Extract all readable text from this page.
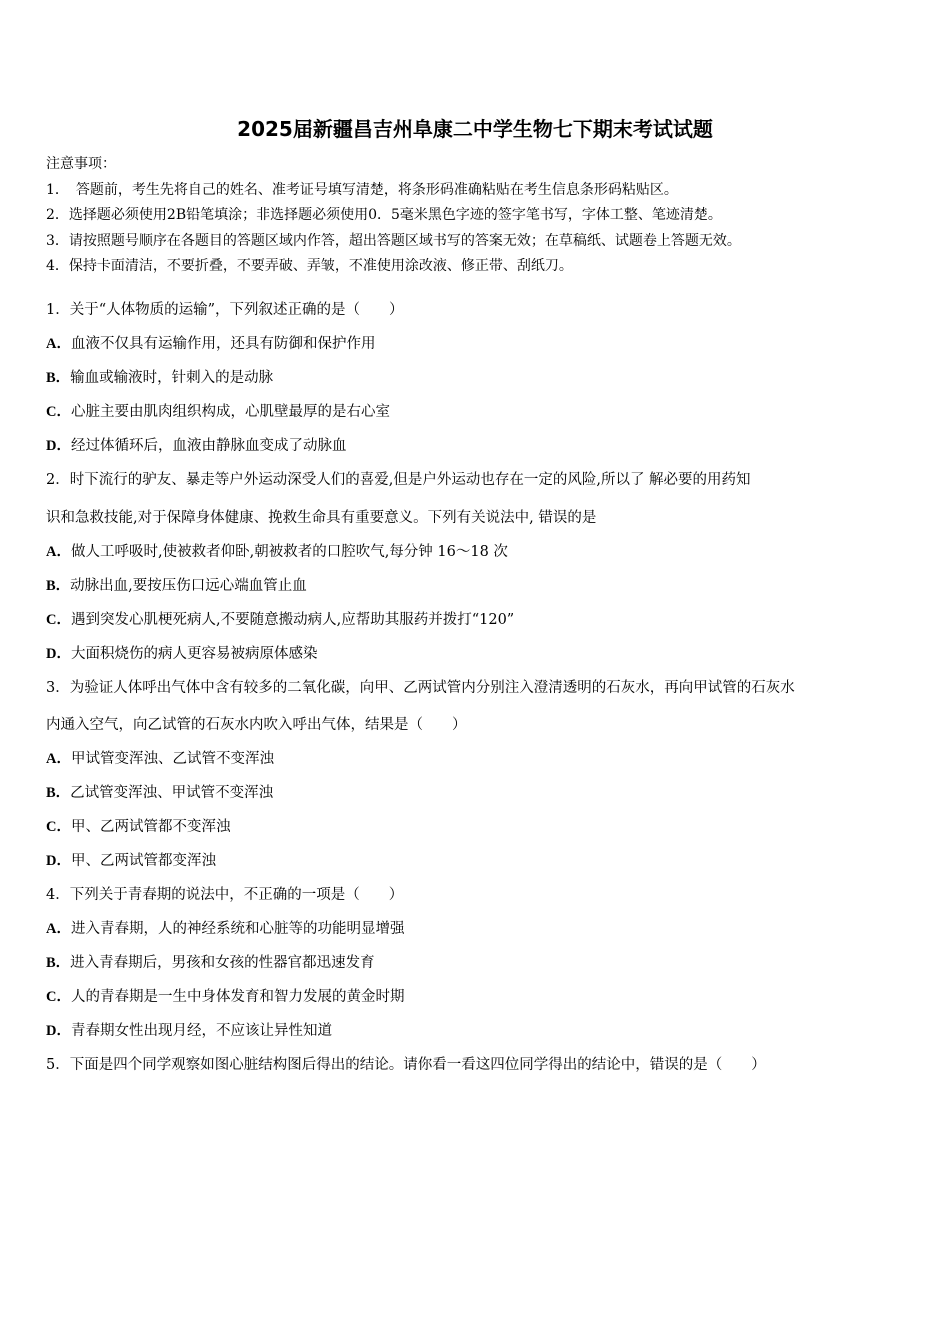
2025届新疆昌吉州阜康二中学生物七下期末考试试题
注意事项：
1．　答题前，考生先将自己的姓名、准考证号填写清楚，将条形码准确粘贴在考生信息条形码粘贴区。
2．选择题必须使用2B铅笔填涂；非选择题必须使用0．5毫米黑色字迹的签字笔书写，字体工整、笔迹清楚。
3．请按照题号顺序在各题目的答题区域内作答，超出答题区域书写的答案无效；在草稿纸、试题卷上答题无效。
4．保持卡面清洁，不要折叠，不要弄破、弄皱，不准使用涂改液、修正带、刮纸刀。
1．关于“人体物质的运输”，下列叙述正确的是（　　）
A．血液不仅具有运输作用，还具有防御和保护作用
B．输血或输液时，针刺入的是动脉
C．心脏主要由肌肉组织构成，心肌壁最厚的是右心室
D．经过体循环后，血液由静脉血变成了动脉血
2．时下流行的驴友、暴走等户外运动深受人们的喜爱,但是户外运动也存在一定的风险,所以了 解必要的用药知
识和急救技能,对于保障身体健康、挽救生命具有重要意义。下列有关说法中, 错误的是
A．做人工呼吸时,使被救者仰卧,朝被救者的口腔吹气,每分钟 16～18 次
B．动脉出血,要按压伤口远心端血管止血
C．遇到突发心肌梗死病人,不要随意搬动病人,应帮助其服药并拨打“120”
D．大面积烧伤的病人更容易被病原体感染
3．为验证人体呼出气体中含有较多的二氧化碳，向甲、乙两试管内分别注入澄清透明的石灰水，再向甲试管的石灰水
内通入空气，向乙试管的石灰水内吹入呼出气体，结果是（　　）
A．甲试管变浑浊、乙试管不变浑浊
B．乙试管变浑浊、甲试管不变浑浊
C．甲、乙两试管都不变浑浊
D．甲、乙两试管都变浑浊
4．下列关于青春期的说法中，不正确的一项是（　　）
A．进入青春期，人的神经系统和心脏等的功能明显增强
B．进入青春期后，男孩和女孩的性器官都迅速发育
C．人的青春期是一生中身体发育和智力发展的黄金时期
D．青春期女性出现月经，不应该让异性知道
5．下面是四个同学观察如图心脏结构图后得出的结论。请你看一看这四位同学得出的结论中，错误的是（　　）
